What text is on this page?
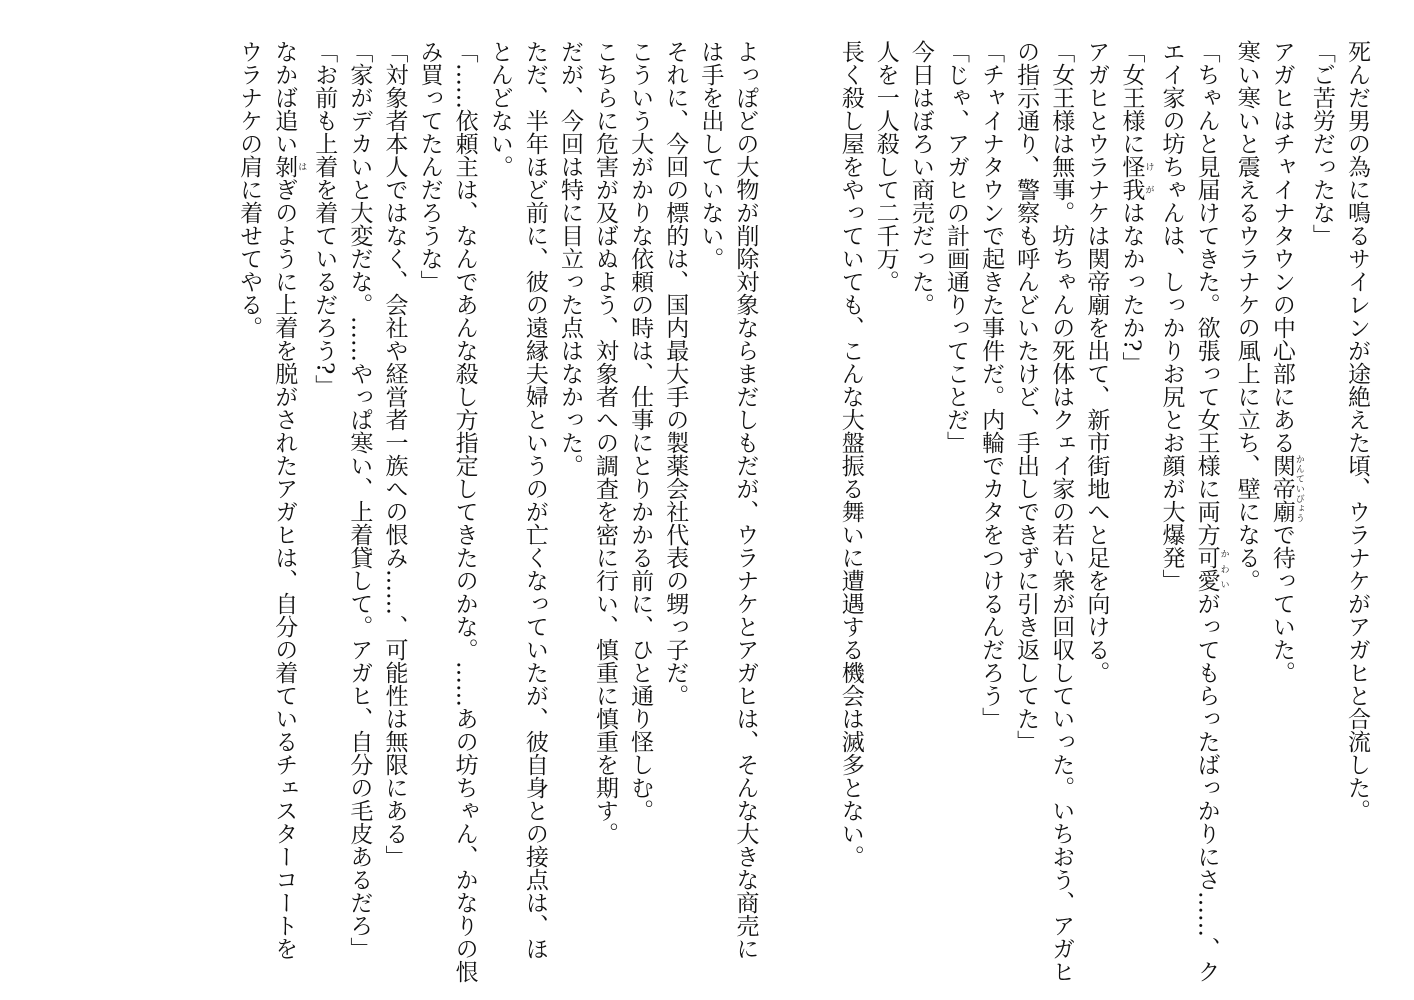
死んだ男の為に鳴るサイレンが途絶えた頃、ウラナケがアガヒと合流した。
「ご苦労だったな」
アガヒはチャイナタウンの中心部にある関帝廟 かんていびょうで待っていた。
寒い寒いと震えるウラナケの風上に立ち、壁になる。
「ちゃんと見届けてきた。欲張って女王様に両方可愛 かわいがってもらったばっかりにさ……、ク
エイ家の坊ちゃんは、しっかりお尻とお顔が大爆発」
「女王様に怪我 けがはなかったか?」
アガヒとウラナケは関帝廟を出て、新市街地へと足を向ける。
「女王様は無事。坊ちゃんの死体はクェイ家の若い衆が回収していった。いちおう、アガヒ
の指示通り、警察も呼んどいたけど、手出しできずに引き返してた」
「チャイナタウンで起きた事件だ。内輪でカタをつけるんだろう」
「じゃ、アガヒの計画通りってことだ」
今日はぼろい商売だった。
人を一人殺して二千万。
長く殺し屋をやっていても、こんな大盤振る舞いに遭遇する機会は滅多とない。
よっぽどの大物が削除対象ならまだしもだが、ウラナケとアガヒは、そんな大きな商売に
は手を出していない。
それに、今回の標的は、国内最大手の製薬会社代表の甥っ子だ。
こういう大がかりな依頼の時は、仕事にとりかかる前に、ひと通り怪しむ。
こちらに危害が及ばぬよう、対象者への調査を密に行い、慎重に慎重を期す。
だが、今回は特に目立った点はなかった。
ただ、半年ほど前に、彼の遠縁夫婦というのが亡くなっていたが、彼自身との接点は、ほ
とんどない。
「……依頼主は、なんであんな殺し方指定してきたのかな。……あの坊ちゃん、かなりの恨
み買ってたんだろうな」
「対象者本人ではなく、会社や経営者一族への恨み……、可能性は無限にある」
「家がデカいと大変だな。……やっぱ寒い、上着貸して。アガヒ、自分の毛皮あるだろ」
「お前も上着を着ているだろう?」
なかば追い剝 はぎのように上着を脱がされたアガヒは、自分の着ているチェスターコートを
ウラナケの肩に着せてやる。
